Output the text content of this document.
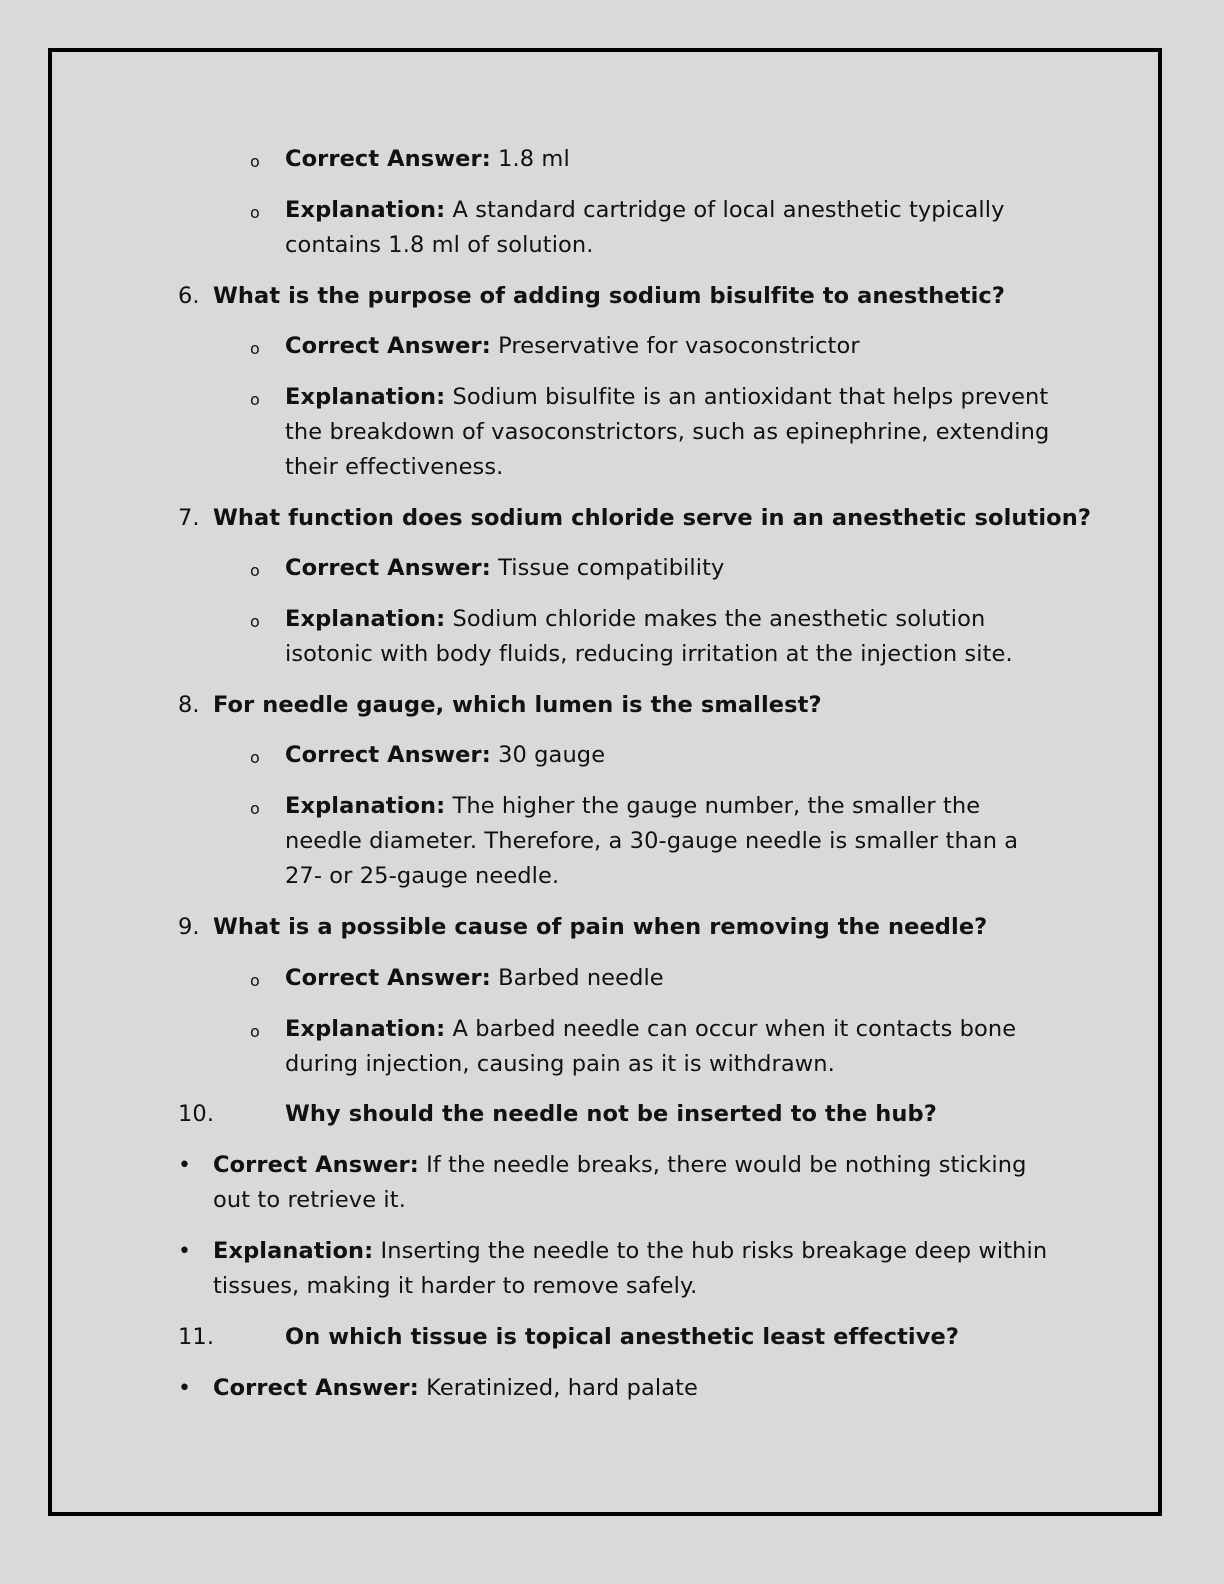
o Correct Answer: 1.8 ml
o Explanation: A standard cartridge of local anesthetic typically
contains 1.8 ml of solution.
6. What is the purpose of adding sodium bisulfite to anesthetic?
o Correct Answer: Preservative for vasoconstrictor
o Explanation: Sodium bisulfite is an antioxidant that helps prevent
the breakdown of vasoconstrictors, such as epinephrine, extending
their effectiveness.
7. What function does sodium chloride serve in an anesthetic solution?
o Correct Answer: Tissue compatibility
o Explanation: Sodium chloride makes the anesthetic solution
isotonic with body fluids, reducing irritation at the injection site.
8. For needle gauge, which lumen is the smallest?
o Correct Answer: 30 gauge
o Explanation: The higher the gauge number, the smaller the
needle diameter. Therefore, a 30-gauge needle is smaller than a
27- or 25-gauge needle.
9. What is a possible cause of pain when removing the needle?
o Correct Answer: Barbed needle
o Explanation: A barbed needle can occur when it contacts bone
during injection, causing pain as it is withdrawn.
10.	Why should the needle not be inserted to the hub?
• Correct Answer: If the needle breaks, there would be nothing sticking
out to retrieve it.
• Explanation: Inserting the needle to the hub risks breakage deep within
tissues, making it harder to remove safely.
11.	On which tissue is topical anesthetic least effective?
• Correct Answer: Keratinized, hard palate
